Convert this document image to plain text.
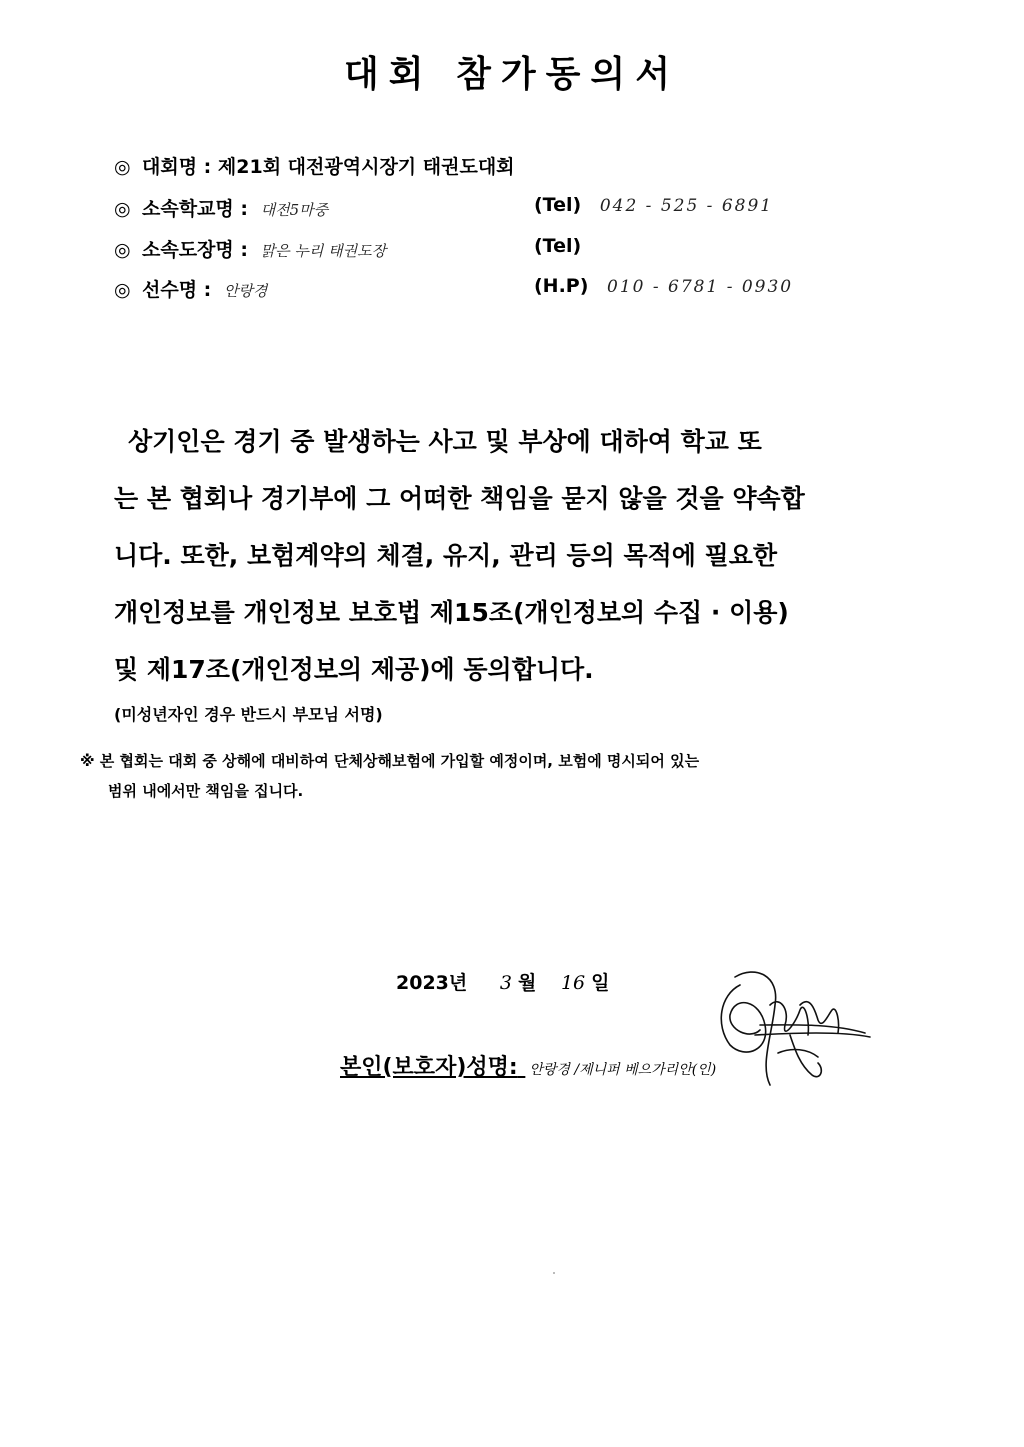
대회 참가동의서
◎ 대회명 : 제21회 대전광역시장기 태권도대회
◎ 소속학교명 : 대전5마중	(Tel) 042 - 525 - 6891
◎ 소속도장명 : 맑은 누리 태권도장	(Tel)
◎ 선수명 : 안랑경	(H.P) 010 - 6781 - 0930
상기인은 경기 중 발생하는 사고 및 부상에 대하여 학교 또
는 본 협회나 경기부에 그 어떠한 책임을 묻지 않을 것을 약속합
니다. 또한, 보험계약의 체결, 유지, 관리 등의 목적에 필요한
개인정보를 개인정보 보호법 제15조(개인정보의 수집 · 이용)
및 제17조(개인정보의 제공)에 동의합니다.
(미성년자인 경우 반드시 부모님 서명)
※ 본 협회는 대회 중 상해에 대비하여 단체상해보험에 가입할 예정이며, 보험에 명시되어 있는
범위 내에서만 책임을 집니다.
2023년 3 월 16 일
본인(보호자)성명: 안랑경 /제니퍼 베으가리안(인)
